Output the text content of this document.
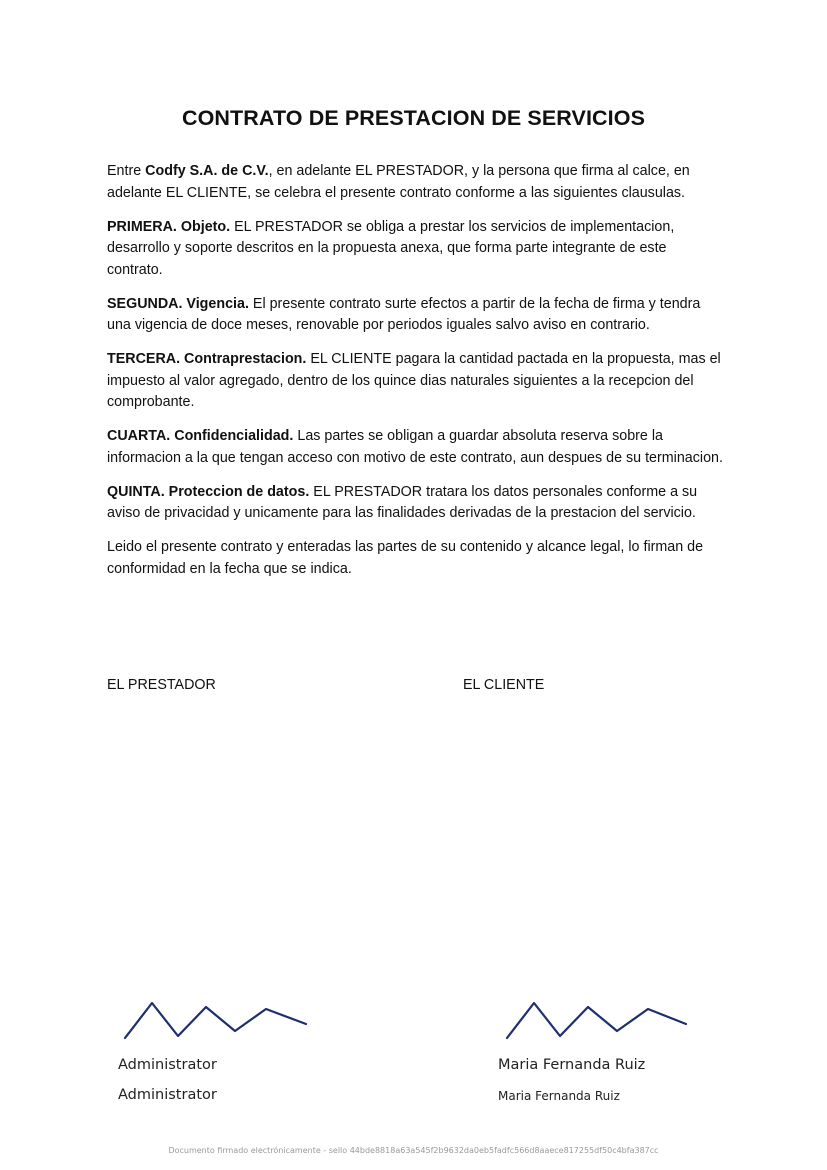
CONTRATO DE PRESTACION DE SERVICIOS

Entre Codfy S.A. de C.V., en adelante EL PRESTADOR, y la persona que firma al calce, en adelante EL CLIENTE, se celebra el presente contrato conforme a las siguientes clausulas.

PRIMERA. Objeto. EL PRESTADOR se obliga a prestar los servicios de implementacion, desarrollo y soporte descritos en la propuesta anexa, que forma parte integrante de este contrato.

SEGUNDA. Vigencia. El presente contrato surte efectos a partir de la fecha de firma y tendra una vigencia de doce meses, renovable por periodos iguales salvo aviso en contrario.

TERCERA. Contraprestacion. EL CLIENTE pagara la cantidad pactada en la propuesta, mas el impuesto al valor agregado, dentro de los quince dias naturales siguientes a la recepcion del comprobante.

CUARTA. Confidencialidad. Las partes se obligan a guardar absoluta reserva sobre la informacion a la que tengan acceso con motivo de este contrato, aun despues de su terminacion.

QUINTA. Proteccion de datos. EL PRESTADOR tratara los datos personales conforme a su aviso de privacidad y unicamente para las finalidades derivadas de la prestacion del servicio.

Leido el presente contrato y enteradas las partes de su contenido y alcance legal, lo firman de conformidad en la fecha que se indica.

EL PRESTADOR	EL CLIENTE
Administrator
Administrator
Maria Fernanda Ruiz
Maria Fernanda Ruiz
Documento firmado electrónicamente - sello 44bde8818a63a545f2b9632da0eb5fadfc566d8aaece817255df50c4bfa387cc
